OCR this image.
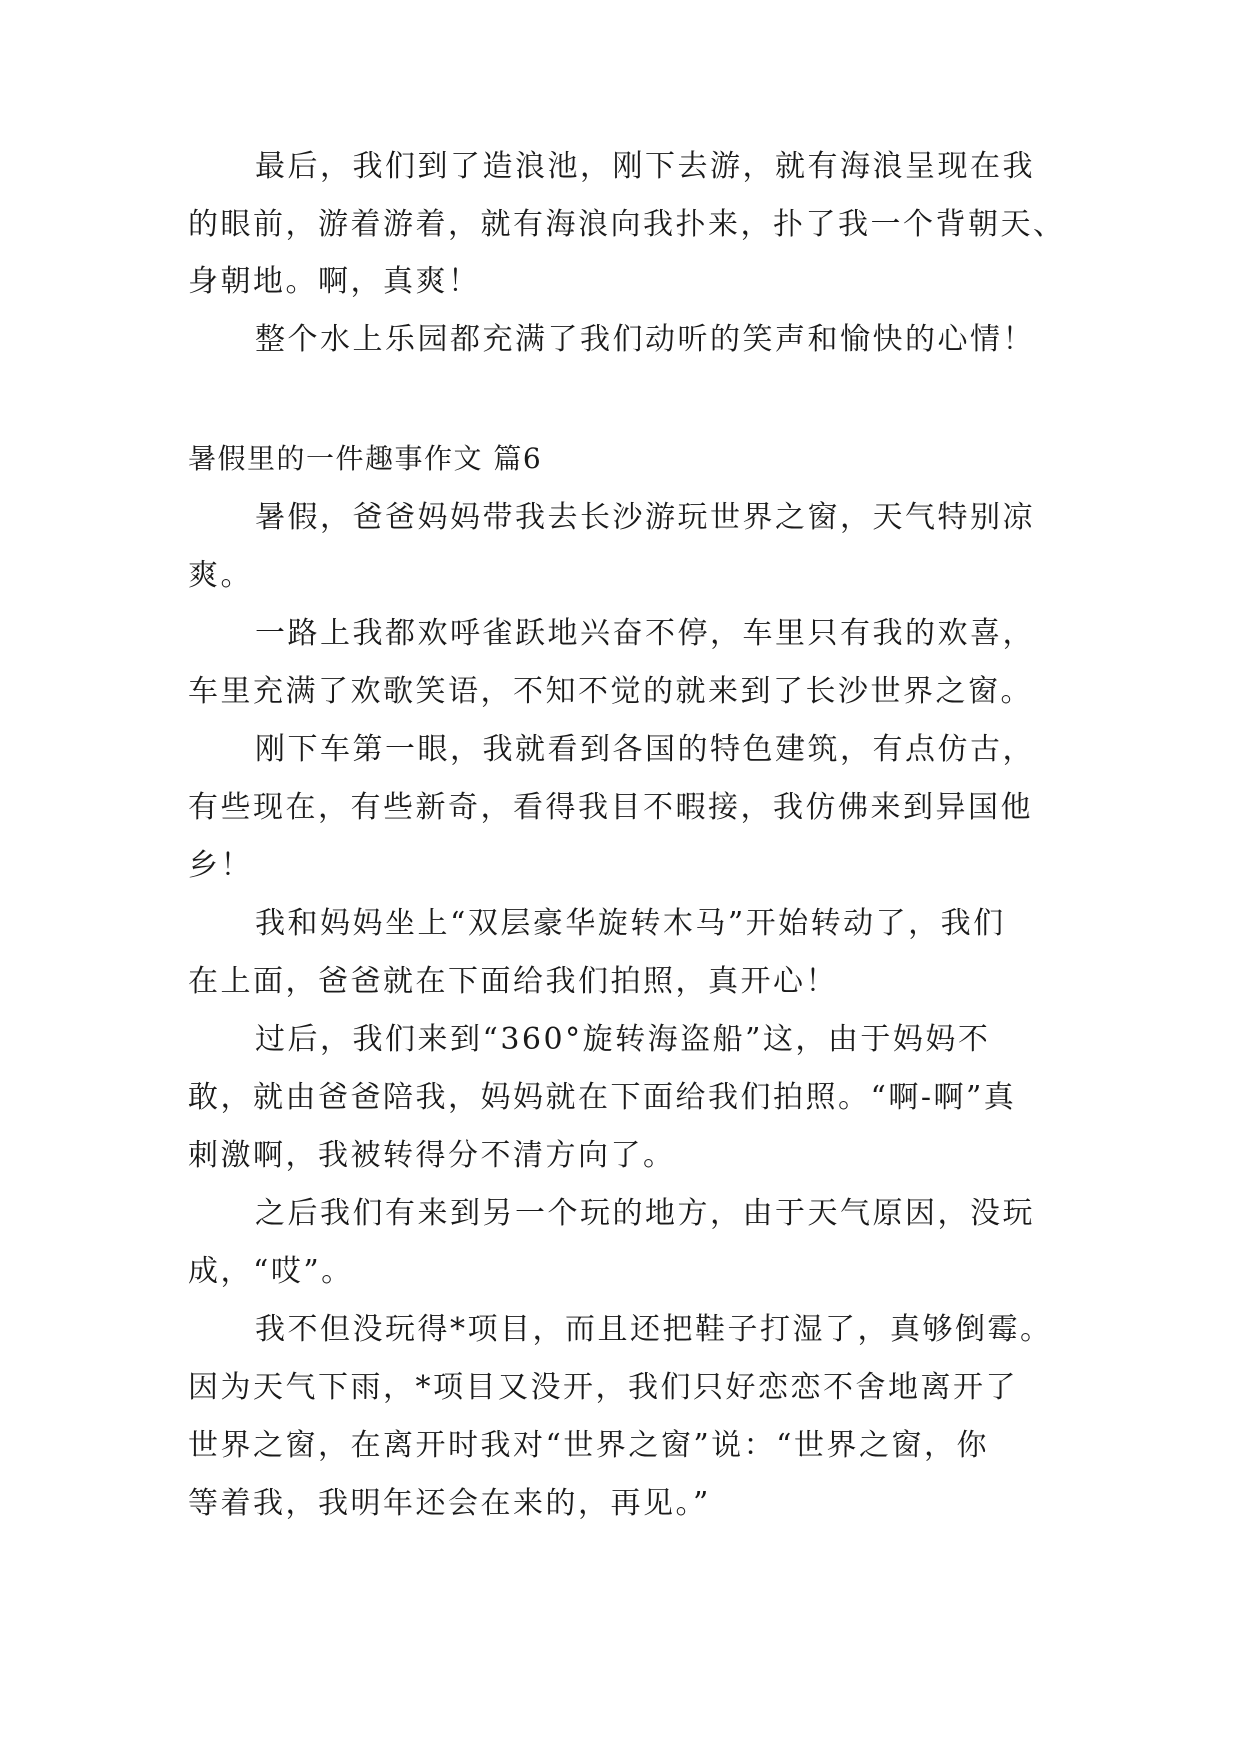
最后，我们到了造浪池，刚下去游，就有海浪呈现在我
的眼前，游着游着，就有海浪向我扑来，扑了我一个背朝天、
身朝地。啊，真爽！
整个水上乐园都充满了我们动听的笑声和愉快的心情！
暑假里的一件趣事作文 篇6
暑假，爸爸妈妈带我去长沙游玩世界之窗，天气特别凉
爽。
一路上我都欢呼雀跃地兴奋不停，车里只有我的欢喜，
车里充满了欢歌笑语，不知不觉的就来到了长沙世界之窗。
刚下车第一眼，我就看到各国的特色建筑，有点仿古，
有些现在，有些新奇，看得我目不暇接，我仿佛来到异国他
乡！
我和妈妈坐上“双层豪华旋转木马”开始转动了，我们
在上面，爸爸就在下面给我们拍照，真开心！
过后，我们来到“360°旋转海盗船”这，由于妈妈不
敢，就由爸爸陪我，妈妈就在下面给我们拍照。“啊-啊”真
刺激啊，我被转得分不清方向了。
之后我们有来到另一个玩的地方，由于天气原因，没玩
成，“哎”。
我不但没玩得*项目，而且还把鞋子打湿了，真够倒霉。
因为天气下雨，*项目又没开，我们只好恋恋不舍地离开了
世界之窗，在离开时我对“世界之窗”说：“世界之窗，你
等着我，我明年还会在来的，再见。”
